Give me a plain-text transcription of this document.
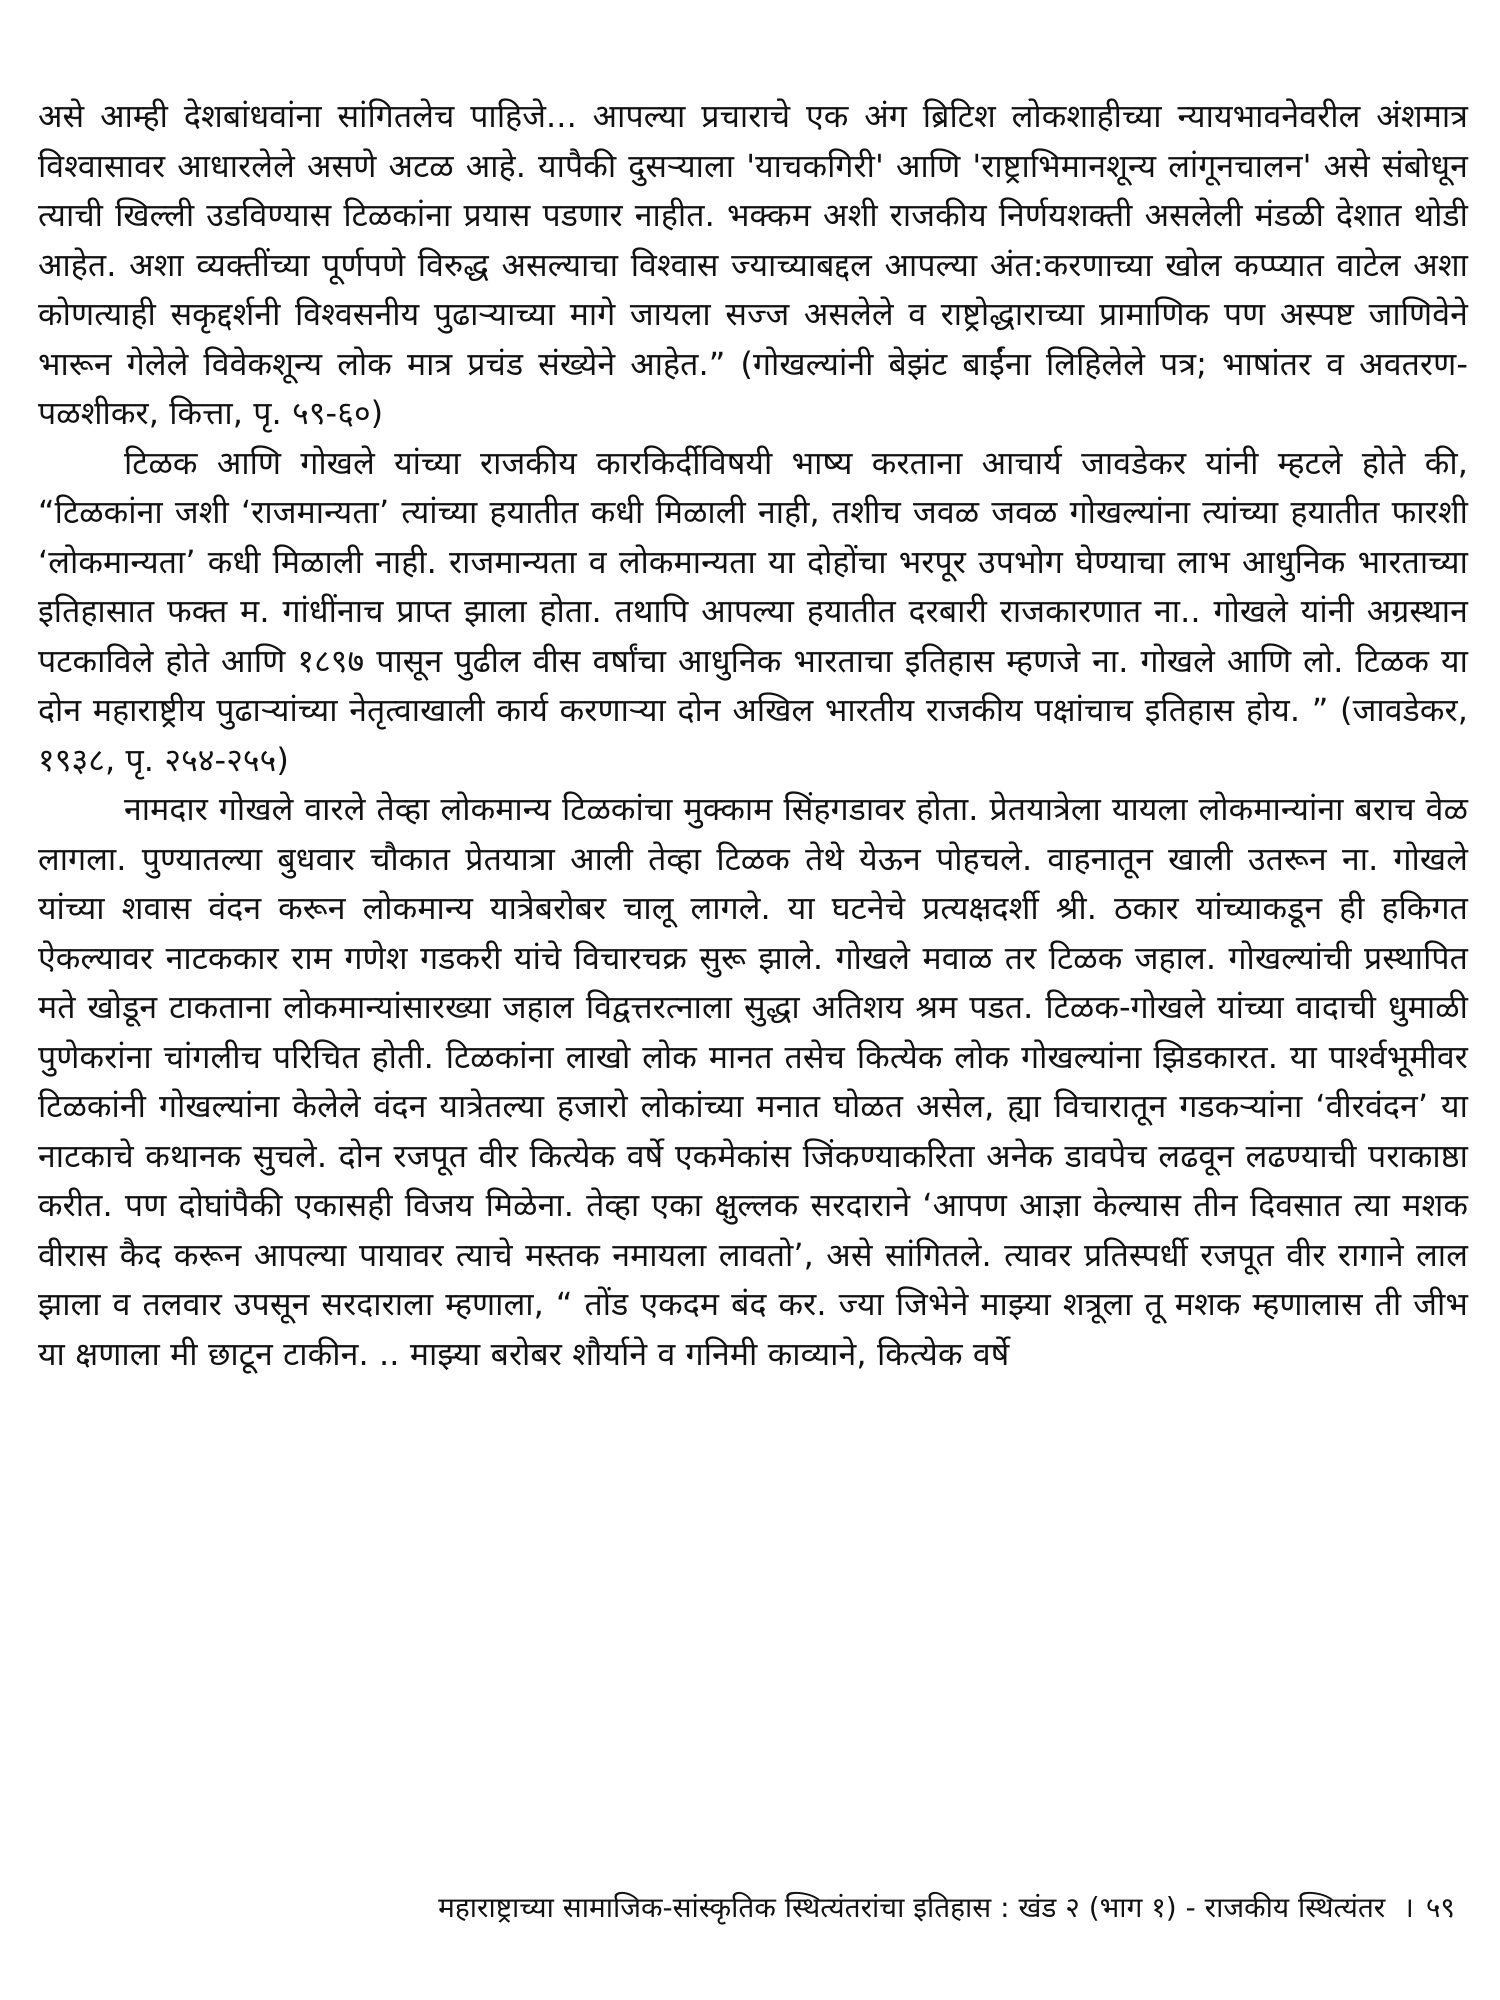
असे आम्ही देशबांधवांना सांगितलेच पाहिजे... आपल्या प्रचाराचे एक अंग ब्रिटिश लोकशाहीच्या न्यायभावनेवरील अंशमात्र विश्वासावर आधारलेले असणे अटळ आहे. यापैकी दुसऱ्याला 'याचकगिरी' आणि 'राष्ट्राभिमानशून्य लांगूनचालन' असे संबोधून त्याची खिल्ली उडविण्यास टिळकांना प्रयास पडणार नाहीत. भक्कम अशी राजकीय निर्णयशक्ती असलेली मंडळी देशात थोडी आहेत. अशा व्यक्तींच्या पूर्णपणे विरुद्ध असल्याचा विश्वास ज्याच्याबद्दल आपल्या अंत:करणाच्या खोल कप्प्यात वाटेल अशा कोणत्याही सकृद्दर्शनी विश्वसनीय पुढाऱ्याच्या मागे जायला सज्ज असलेले व राष्ट्रोद्धाराच्या प्रामाणिक पण अस्पष्ट जाणिवेने भारून गेलेले विवेकशून्य लोक मात्र प्रचंड संख्येने आहेत.” (गोखल्यांनी बेझंट बाईंना लिहिलेले पत्र; भाषांतर व अवतरण- पळशीकर, कित्ता, पृ. ५९-६०)

टिळक आणि गोखले यांच्या राजकीय कारकिर्दीविषयी भाष्य करताना आचार्य जावडेकर यांनी म्हटले होते की, “टिळकांना जशी ‘राजमान्यता’ त्यांच्या हयातीत कधी मिळाली नाही, तशीच जवळ जवळ गोखल्यांना त्यांच्या हयातीत फारशी ‘लोकमान्यता’ कधी मिळाली नाही. राजमान्यता व लोकमान्यता या दोहोंचा भरपूर उपभोग घेण्याचा लाभ आधुनिक भारताच्या इतिहासात फक्त म. गांधींनाच प्राप्त झाला होता. तथापि आपल्या हयातीत दरबारी राजकारणात ना.. गोखले यांनी अग्रस्थान पटकाविले होते आणि १८९७ पासून पुढील वीस वर्षांचा आधुनिक भारताचा इतिहास म्हणजे ना. गोखले आणि लो. टिळक या दोन महाराष्ट्रीय पुढाऱ्यांच्या नेतृत्वाखाली कार्य करणाऱ्या दोन अखिल भारतीय राजकीय पक्षांचाच इतिहास होय. ” (जावडेकर, १९३८, पृ. २५४-२५५)

नामदार गोखले वारले तेव्हा लोकमान्य टिळकांचा मुक्काम सिंहगडावर होता. प्रेतयात्रेला यायला लोकमान्यांना बराच वेळ लागला. पुण्यातल्या बुधवार चौकात प्रेतयात्रा आली तेव्हा टिळक तेथे येऊन पोहचले. वाहनातून खाली उतरून ना. गोखले यांच्या शवास वंदन करून लोकमान्य यात्रेबरोबर चालू लागले. या घटनेचे प्रत्यक्षदर्शी श्री. ठकार यांच्याकडून ही हकिगत ऐकल्यावर नाटककार राम गणेश गडकरी यांचे विचारचक्र सुरू झाले. गोखले मवाळ तर टिळक जहाल. गोखल्यांची प्रस्थापित मते खोडून टाकताना लोकमान्यांसारख्या जहाल विद्वत्तरत्नाला सुद्धा अतिशय श्रम पडत. टिळक-गोखले यांच्या वादाची धुमाळी पुणेकरांना चांगलीच परिचित होती. टिळकांना लाखो लोक मानत तसेच कित्येक लोक गोखल्यांना झिडकारत. या पार्श्वभूमीवर टिळकांनी गोखल्यांना केलेले वंदन यात्रेतल्या हजारो लोकांच्या मनात घोळत असेल, ह्या विचारातून गडकऱ्यांना ‘वीरवंदन’ या नाटकाचे कथानक सुचले. दोन रजपूत वीर कित्येक वर्षे एकमेकांस जिंकण्याकरिता अनेक डावपेच लढवून लढण्याची पराकाष्ठा करीत. पण दोघांपैकी एकासही विजय मिळेना. तेव्हा एका क्षुल्लक सरदाराने ‘आपण आज्ञा केल्यास तीन दिवसात त्या मशक वीरास कैद करून आपल्या पायावर त्याचे मस्तक नमायला लावतो’, असे सांगितले. त्यावर प्रतिस्पर्धी रजपूत वीर रागाने लाल झाला व तलवार उपसून सरदाराला म्हणाला, “ तोंड एकदम बंद कर. ज्या जिभेने माझ्या शत्रूला तू मशक म्हणालास ती जीभ या क्षणाला मी छाटून टाकीन. .. माझ्या बरोबर शौर्याने व गनिमी काव्याने, कित्येक वर्षे

महाराष्ट्राच्या सामाजिक-सांस्कृतिक स्थित्यंतरांचा इतिहास : खंड २ (भाग १) - राजकीय स्थित्यंतर । ५९
